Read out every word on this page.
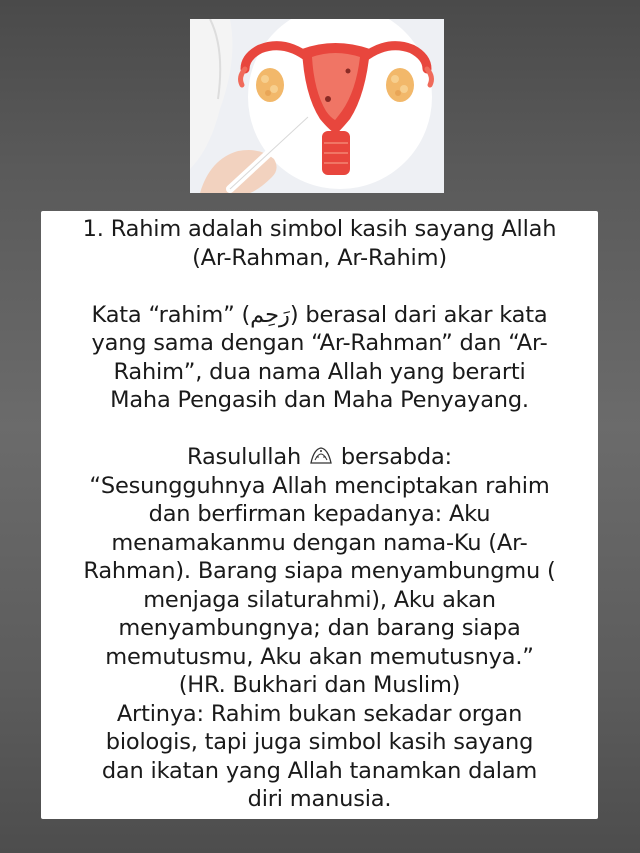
1. Rahim adalah simbol kasih sayang Allah
(Ar-Rahman, Ar-Rahim)

Kata “rahim” (رَحِم) berasal dari akar kata
yang sama dengan “Ar-Rahman” dan “Ar-
Rahim”, dua nama Allah yang berarti
Maha Pengasih dan Maha Penyayang.

Rasulullah bersabda:
“Sesungguhnya Allah menciptakan rahim
dan berfirman kepadanya: Aku
menamakanmu dengan nama-Ku (Ar-
Rahman). Barang siapa menyambungmu (
menjaga silaturahmi), Aku akan
menyambungnya; dan barang siapa
memutusmu, Aku akan memutusnya.”
(HR. Bukhari dan Muslim)

Artinya: Rahim bukan sekadar organ
biologis, tapi juga simbol kasih sayang
dan ikatan yang Allah tanamkan dalam
diri manusia.
